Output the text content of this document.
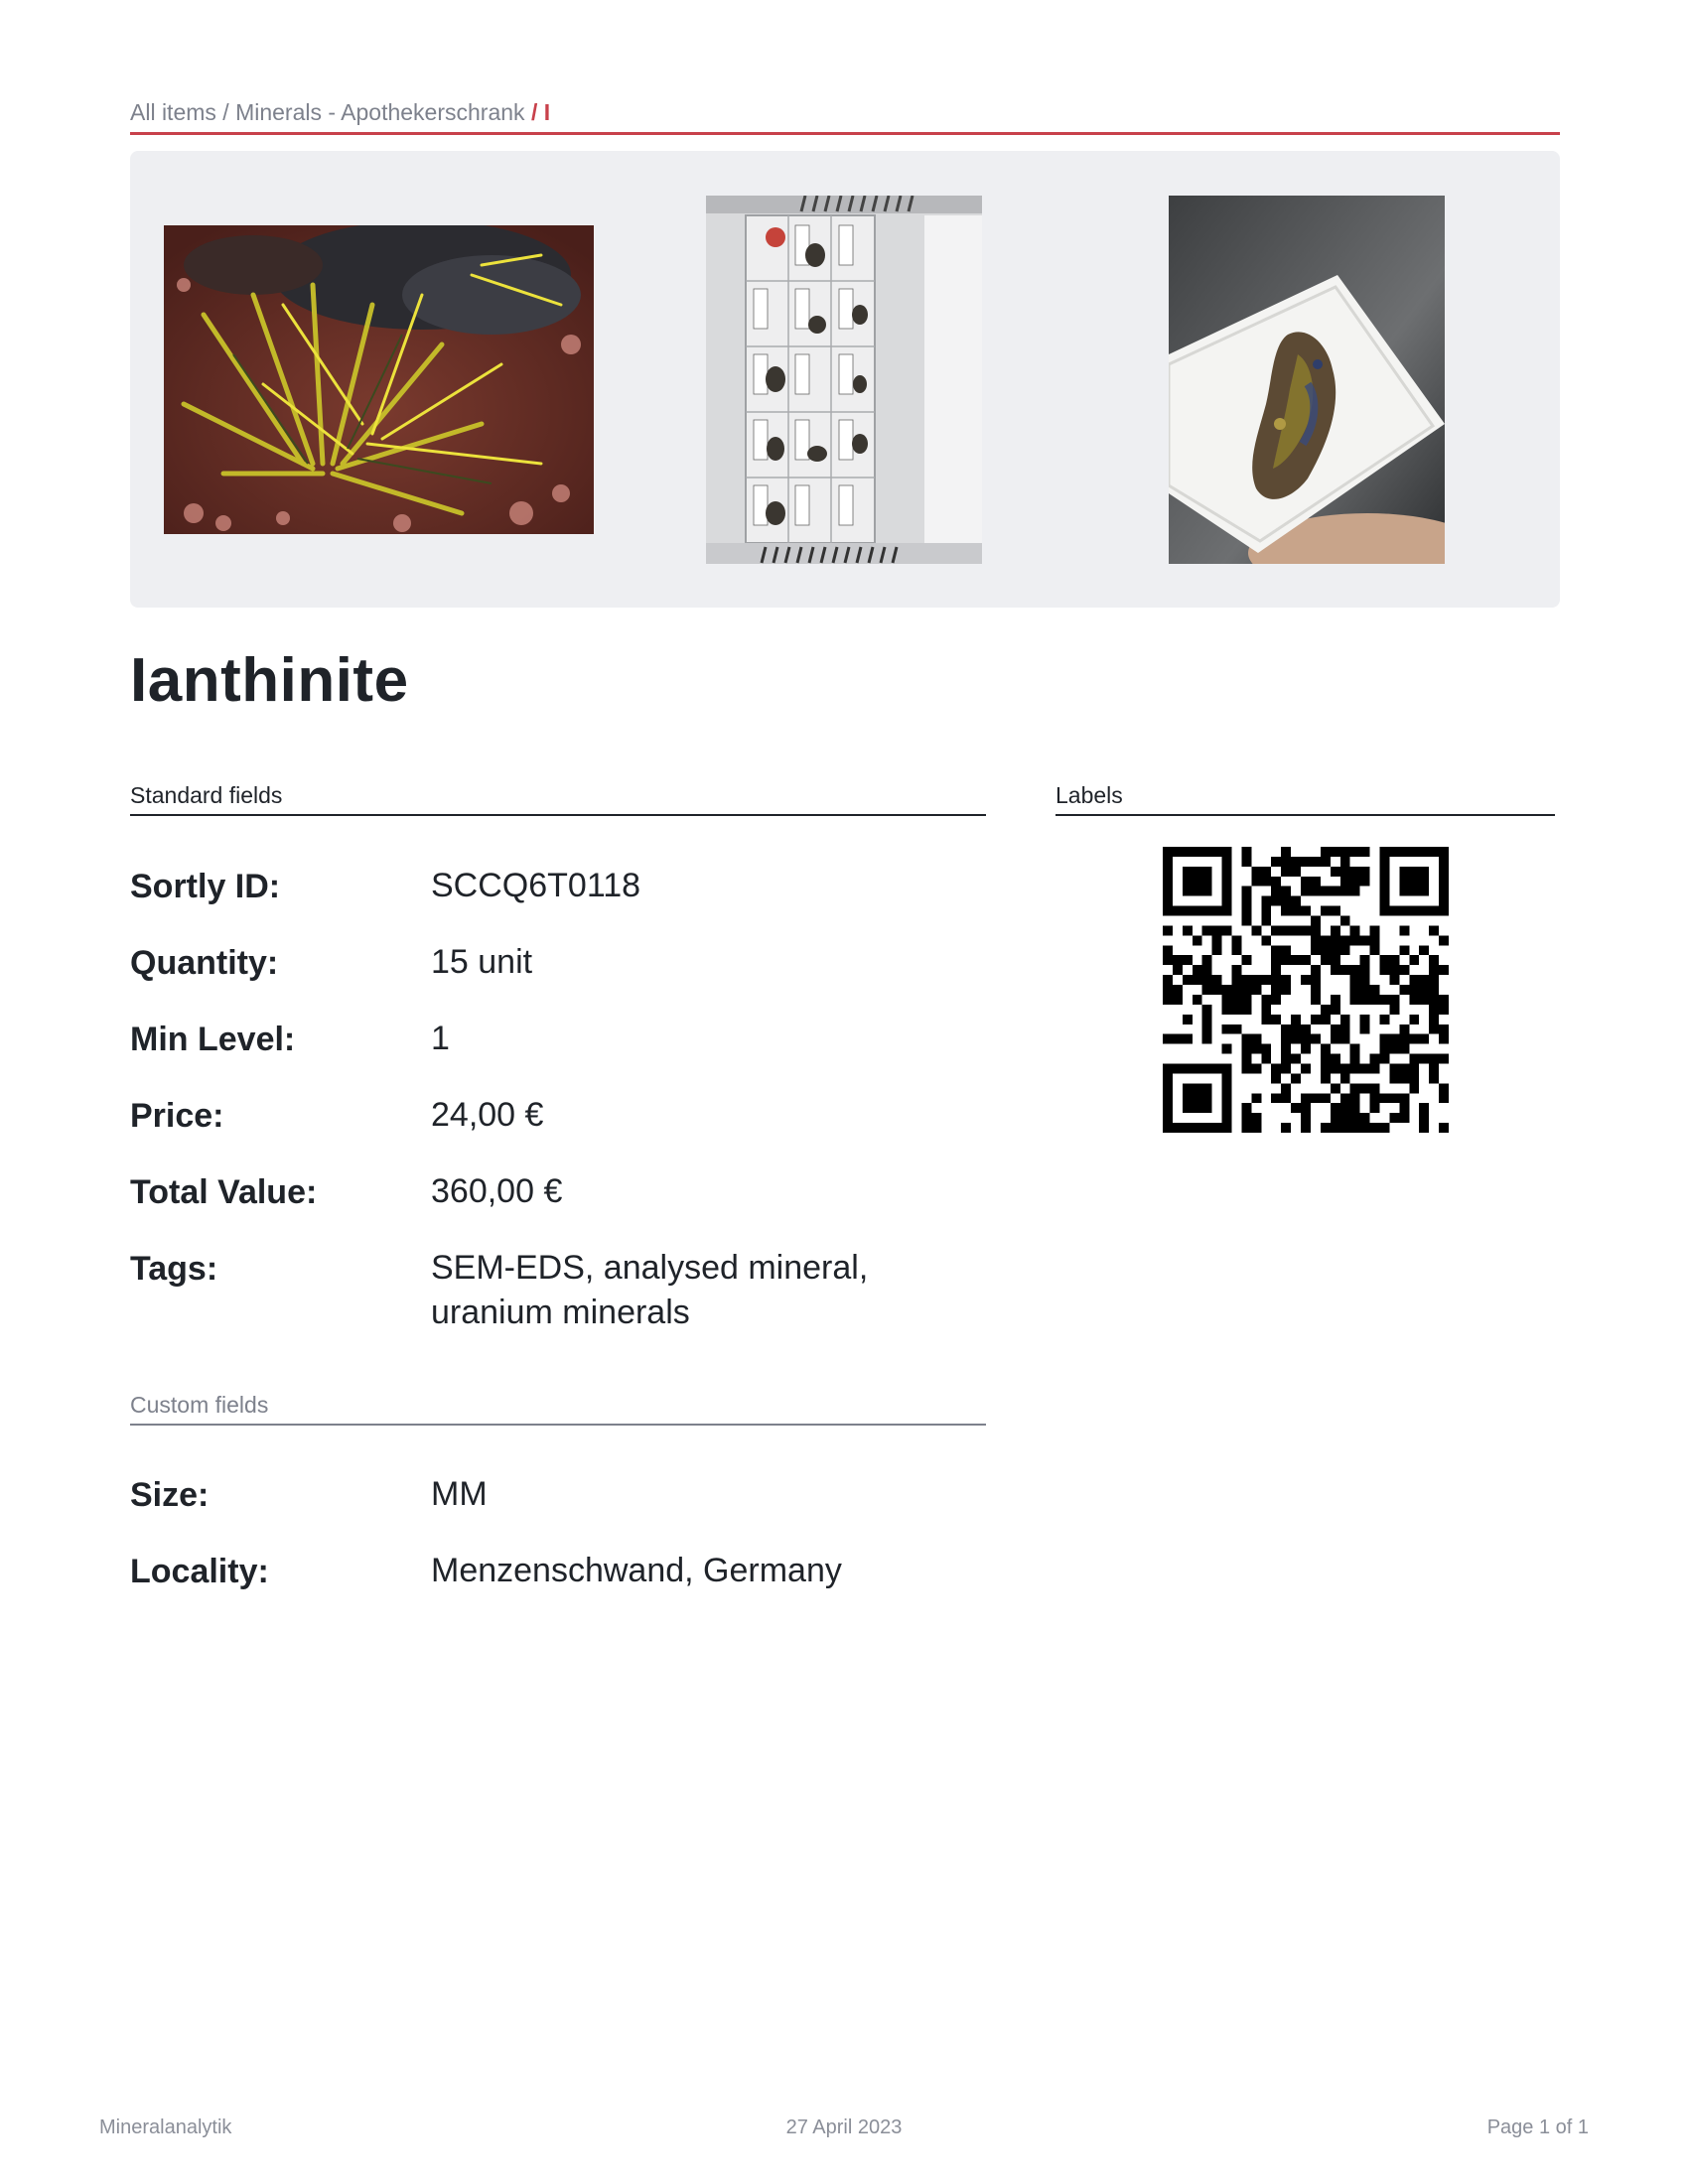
All items / Minerals - Apothekerschrank / I
Ianthinite
Standard fields	Labels
Sortly ID:	SCCQ6T0118
Quantity:	15 unit
Min Level:	1
Price:	24,00 €
Total Value:	360,00 €
Tags:	SEM-EDS, analysed mineral, uranium minerals
Custom fields
Size:	MM
Locality:	Menzenschwand, Germany
Mineralanalytik	27 April 2023	Page 1 of 1
